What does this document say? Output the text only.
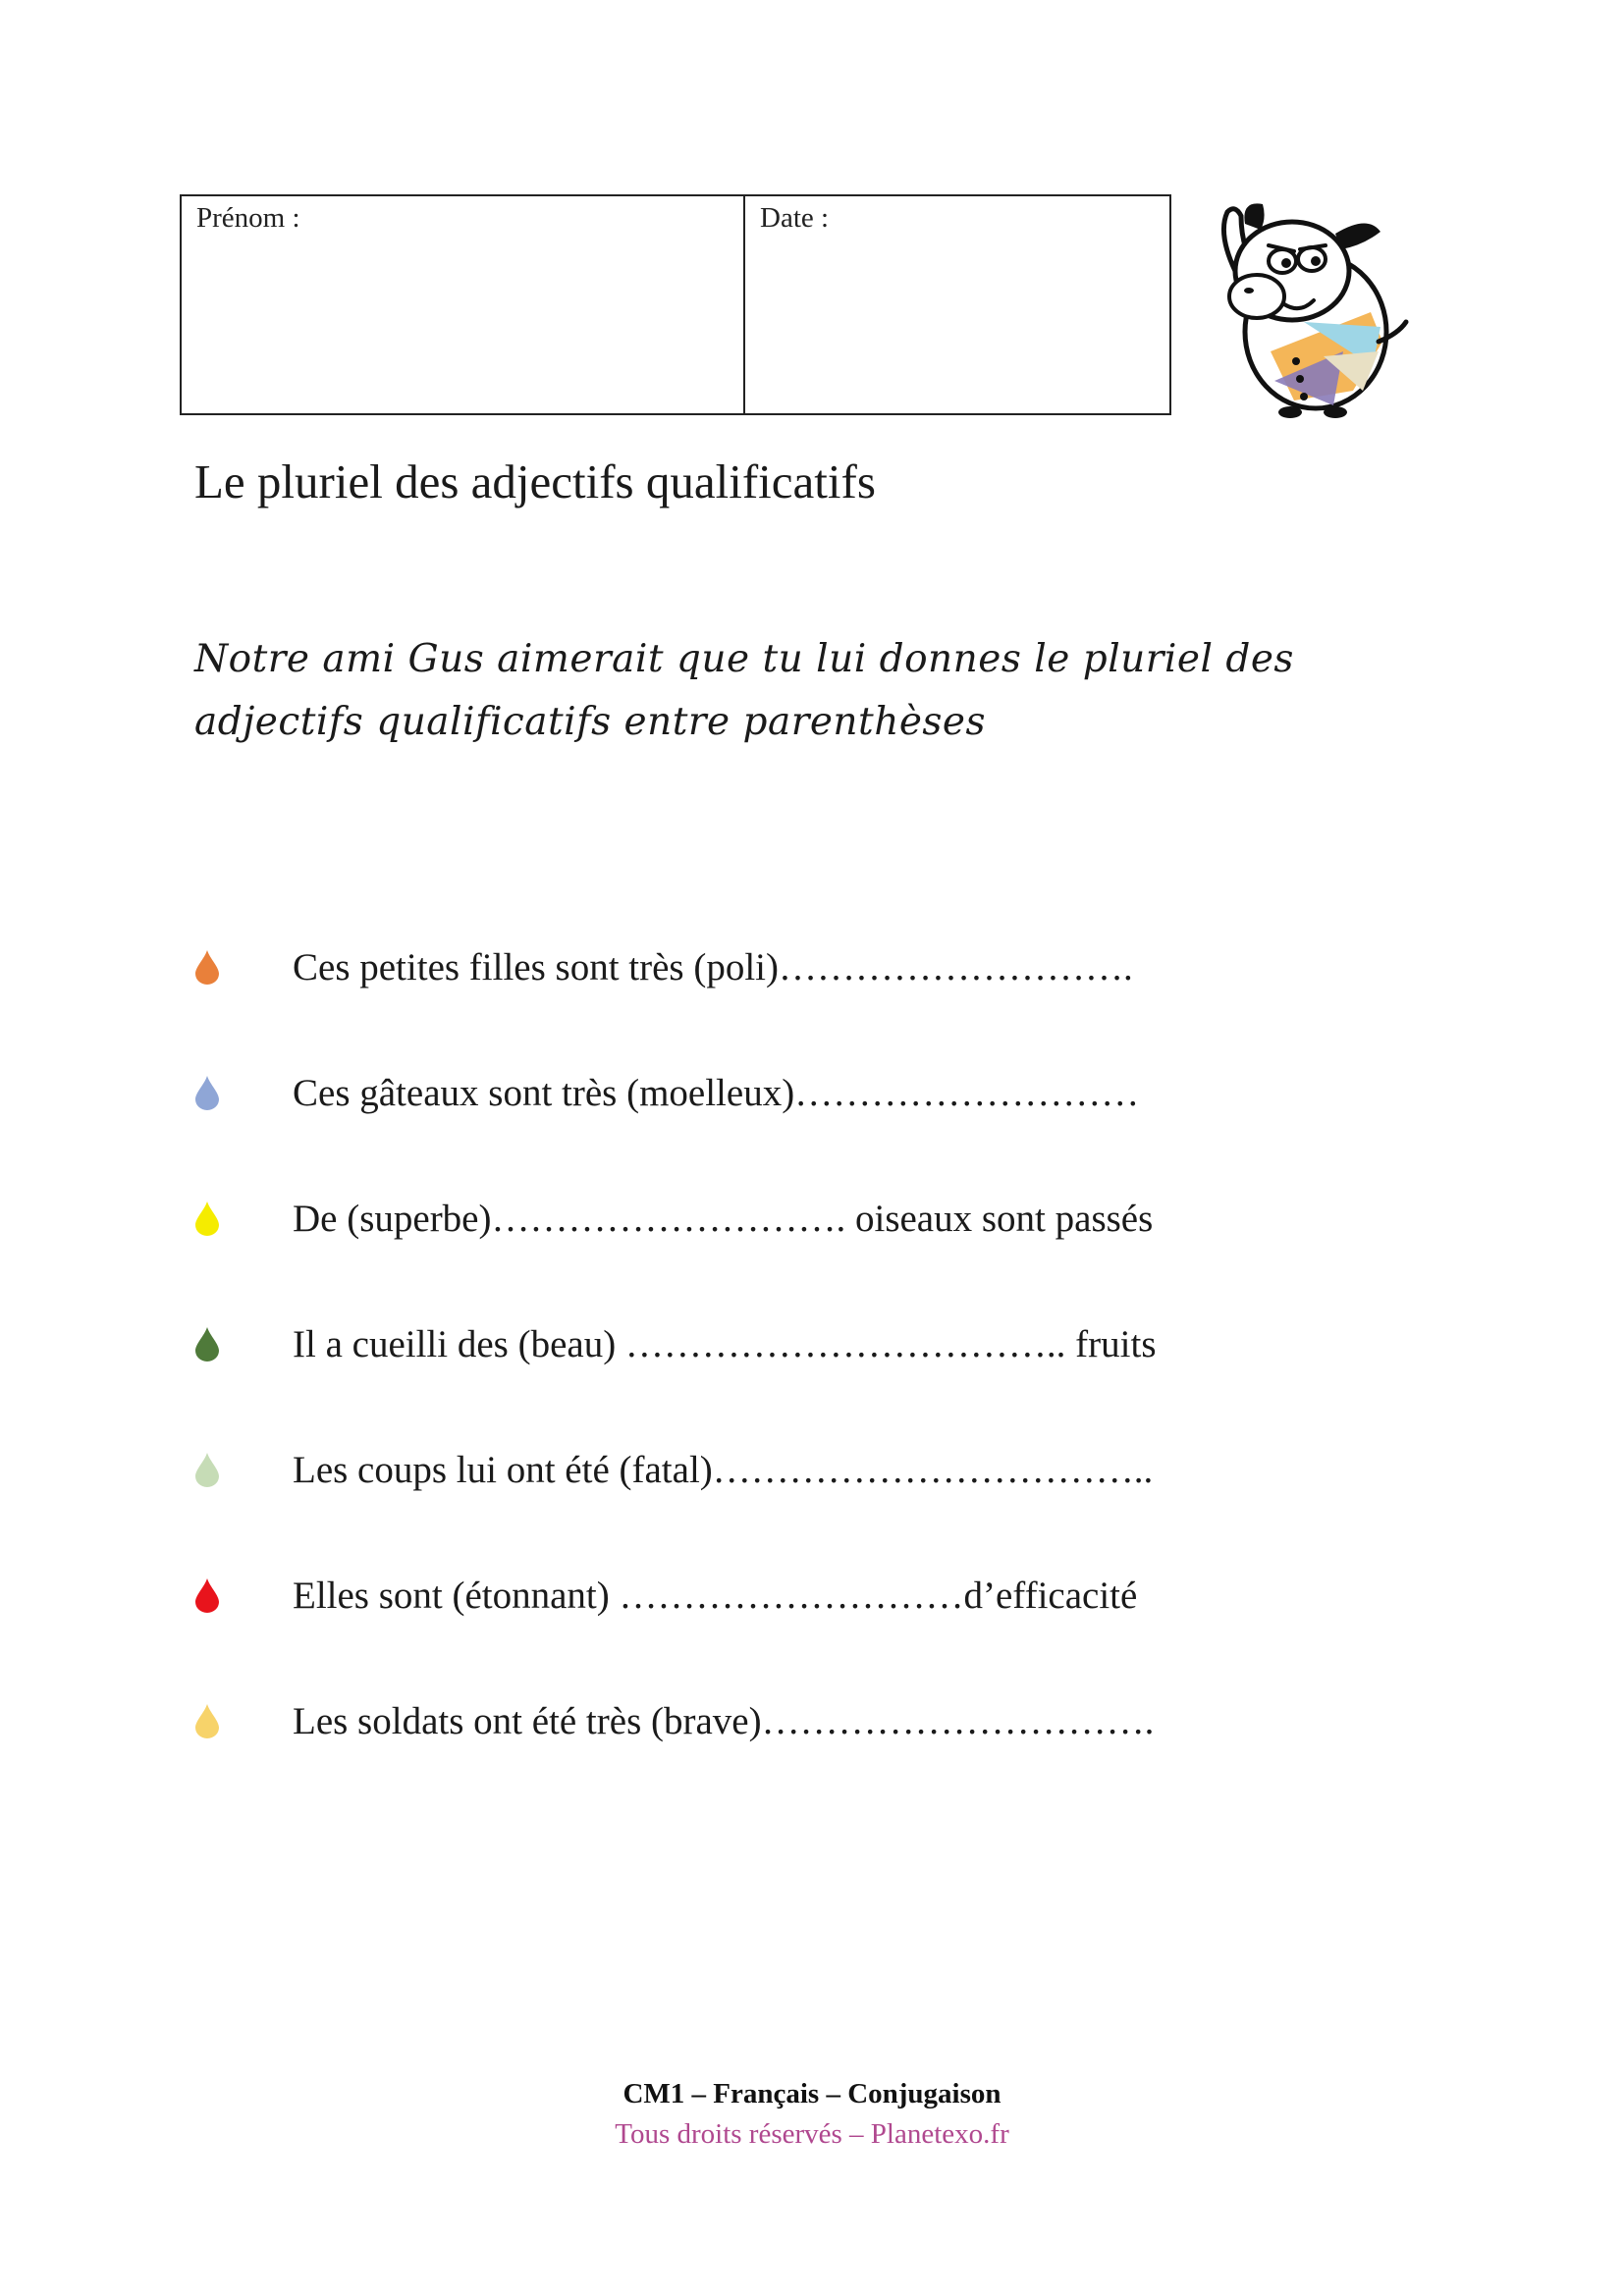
Prénom :	Date :
Le pluriel des adjectifs qualificatifs

Notre ami Gus aimerait que tu lui donnes le pluriel des adjectifs qualificatifs entre parenthèses

Ces petites filles sont très (poli)……………………….
Ces gâteaux sont très (moelleux)………………………
De (superbe)………………………. oiseaux sont passés
Il a cueilli des (beau) …………………………….. fruits
Les coups lui ont été (fatal)……………………………..
Elles sont (étonnant) ………………………d’efficacité
Les soldats ont été très (brave)………………………….
CM1 – Français – Conjugaison
Tous droits réservés – Planetexo.fr
